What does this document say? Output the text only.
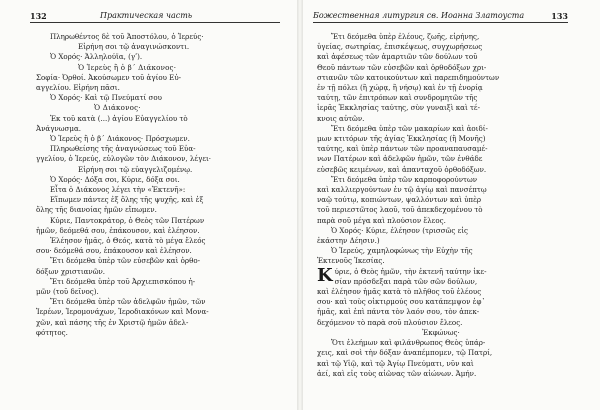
132	Практическая часть
Πληρωθέντος δὲ τοῦ Ἀποστόλου, ὁ Ἱερεύς·
Εἰρήνη σοι τῷ ἀναγινώσκοντι.
Ὁ Χορός· Ἀλληλούϊα, (γʹ).
Ὁ Ἱερεὺς ἢ ὁ β´ Διάκονος·
Σοφία· Ὀρθοί. Ἀκούσωμεν τοῦ ἁγίου Εὐ-
αγγελίου. Εἰρήνη πᾶσι.
Ὁ Χορός· Καὶ τῷ Πνεύματί σου
Ὁ Διάκονος·
Ἐκ τοῦ κατὰ (...) ἁγίου Εὐαγγελίου τὸ
Ἀνάγνωσμα.
Ὁ Ἱερεὺς ἢ ὁ β´ Διάκονος· Πρόσχωμεν.
Πληρωθείσης τῆς ἀναγνώσεως τοῦ Εὐα-
γγελίου, ὁ Ἱερεύς, εὐλογῶν τὸν Διάκονον, λέγει·
Εἰρήνη σοι τῷ εὐαγγελιζομένῳ.
Ὁ Χορός· Δόξα σοι, Κύριε, δόξα σοι.
Εἶτα ὁ Διάκονος λέγει τὴν «Ἐκτενῆ»:
Εἴπωμεν πάντες ἐξ ὅλης τῆς ψυχῆς, καὶ ἐξ
ὅλης τῆς διανοίας ἡμῶν εἴπωμεν.
Κύριε, Παντοκράτορ, ὁ Θεὸς τῶν Πατέρων
ἡμῶν, δεόμεθά σου, ἐπάκουσον, καὶ ἐλέησον.
Ἐλέησον ἡμᾶς, ὁ Θεός, κατὰ τὸ μέγα ἔλεός
σου· δεόμεθά σου, ἐπάκουσον καὶ ἐλέησον.
Ἔτι δεόμεθα ὑπὲρ τῶν εὐσεβῶν καὶ ὀρθο-
δόξων χριστιανῶν.
Ἔτι δεόμεθα ὑπὲρ τοῦ Ἀρχιεπισκόπου ἡ-
μῶν (τοῦ δεῖνος).
Ἔτι δεόμεθα ὑπὲρ τῶν ἀδελφῶν ἡμῶν, τῶν
Ἱερέων, Ἱερομονάχων, Ἱεροδιακόνων καὶ Μονα-
χῶν, καὶ πάσης τῆς ἐν Χριστῷ ἡμῶν ἀδελ-
φότητος.
Божественная литургия св. Иоанна Златоуста	133
Ἔτι δεόμεθα ὑπὲρ ἐλέους, ζωῆς, εἰρήνης,
ὑγείας, σωτηρίας, ἐπισκέψεως, συγχωρήσεως
καὶ ἀφέσεως τῶν ἁμαρτιῶν τῶν δούλων τοῦ
Θεοῦ πάντων τῶν εὐσεβῶν καὶ ὀρθοδόξων χρι-
στιανῶν τῶν κατοικούντων καὶ παρεπιδημούντων
ἐν τῇ πόλει (ἢ χώρᾳ, ἢ νήσῳ) καὶ ἐν τῇ ἐνορίᾳ
ταύτῃ, τῶν ἐπιτρόπων καὶ συνδρομητῶν τῆς
ἱερᾶς Ἐκκλησίας ταύτης, σὺν γυναιξὶ καὶ τέ-
κνοις αὐτῶν.
Ἔτι δεόμεθα ὑπὲρ τῶν μακαρίων καὶ ἀοιδί-
μων κτιτόρων τῆς ἁγίας Ἐκκλησίας (ἢ Μονῆς)
ταύτης, καὶ ὑπὲρ πάντων τῶν προαναπαυσαμέ-
νων Πατέρων καὶ ἀδελφῶν ἡμῶν, τῶν ἐνθάδε
εὐσεβῶς κειμένων, καὶ ἁπανταχοῦ ὀρθοδόξων.
Ἔτι δεόμεθα ὑπὲρ τῶν καρποφορούντων
καὶ καλλιεργούντων ἐν τῷ ἁγίῳ καὶ πανσέπτῳ
ναῷ τούτῳ, κοπιώντων, ψαλλόντων καὶ ὑπὲρ
τοῦ περιεστῶτος λαοῦ, τοῦ ἀπεκδεχομένου τὸ
παρὰ σοῦ μέγα καὶ πλούσιον ἔλεος.
Ὁ Χορός· Κύριε, ἐλέησον (τρισσῶς εἰς
ἑκάστην Δέησιν.)
Ὁ Ἱερεύς, χαμηλοφώνως τὴν Εὐχὴν τῆς
Ἐκτενοῦς Ἱκεσίας.
Κύριε, ὁ Θεὸς ἡμῶν, τὴν ἐκτενῆ ταύτην ἱκε-
σίαν πρόσδεξαι παρὰ τῶν σῶν δούλων,
καὶ ἐλέησον ἡμᾶς κατὰ τὸ πλῆθος τοῦ ἐλέους
σου· καὶ τοὺς οἰκτιρμούς σου κατάπεμψον ἐφ᾽
ἡμᾶς, καὶ ἐπὶ πάντα τὸν λαόν σου, τὸν ἀπεκ-
δεχόμενον τὸ παρὰ σοῦ πλούσιον ἔλεος.
Ἐκφώνως·
Ὅτι ἐλεήμων καὶ φιλάνθρωπος Θεὸς ὑπάρ-
χεις, καὶ σοὶ τὴν δόξαν ἀναπέμπομεν, τῷ Πατρί,
καὶ τῷ Υἱῷ, καὶ τῷ Ἁγίῳ Πνεύματι, νῦν καὶ
ἀεί, καὶ εἰς τοὺς αἰῶνας τῶν αἰώνων. Ἀμήν.
